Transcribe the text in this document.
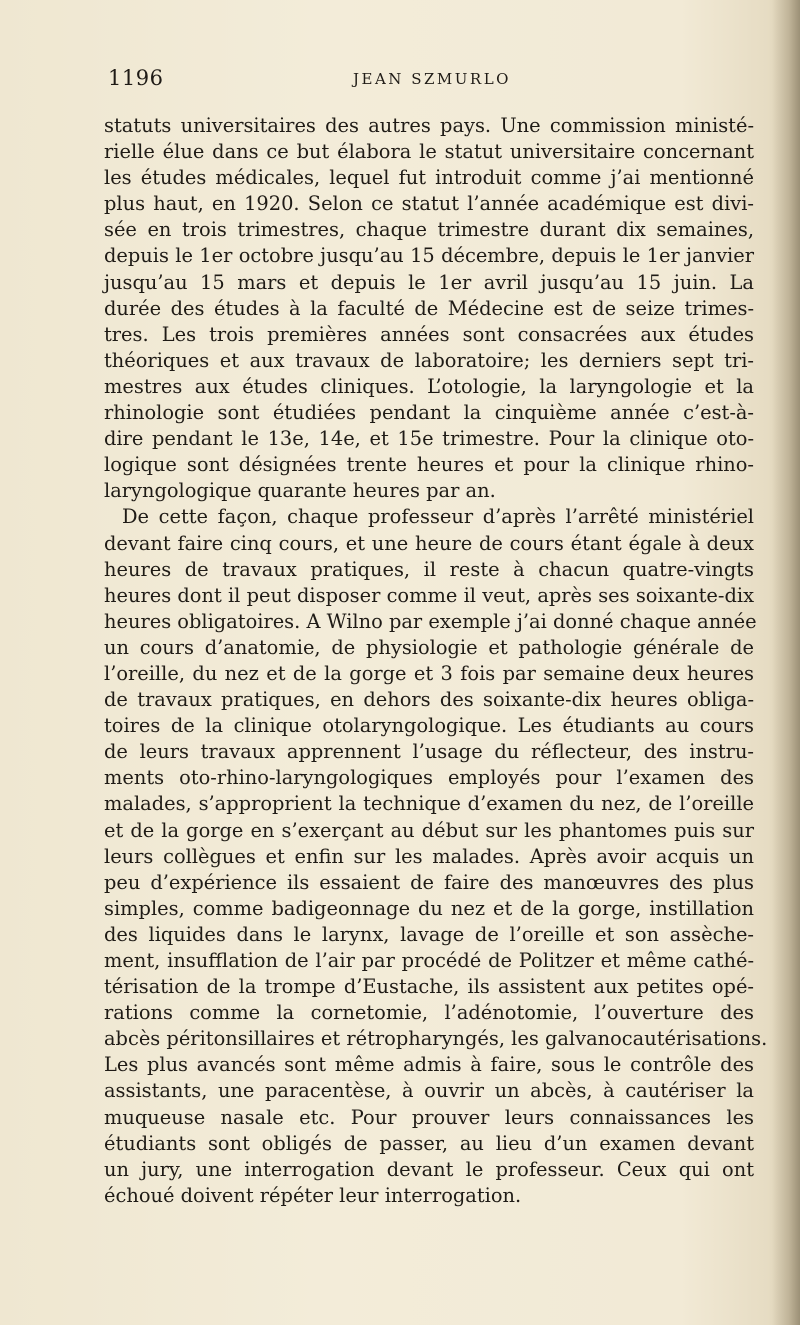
1196	JEAN SZMURLO
statuts universitaires des autres pays. Une commission ministé-
rielle élue dans ce but élabora le statut universitaire concernant
les études médicales, lequel fut introduit comme j’ai mentionné
plus haut, en 1920. Selon ce statut l’année académique est divi-
sée en trois trimestres, chaque trimestre durant dix semaines,
depuis le 1er octobre jusqu’au 15 décembre, depuis le 1er janvier
jusqu’au 15 mars et depuis le 1er avril jusqu’au 15 juin. La
durée des études à la faculté de Médecine est de seize trimes-
tres. Les trois premières années sont consacrées aux études
théoriques et aux travaux de laboratoire; les derniers sept tri-
mestres aux études cliniques. L’otologie, la laryngologie et la
rhinologie sont étudiées pendant la cinquième année c’est-à-
dire pendant le 13e, 14e, et 15e trimestre. Pour la clinique oto-
logique sont désignées trente heures et pour la clinique rhino-
laryngologique quarante heures par an.
De cette façon, chaque professeur d’après l’arrêté ministériel
devant faire cinq cours, et une heure de cours étant égale à deux
heures de travaux pratiques, il reste à chacun quatre-vingts
heures dont il peut disposer comme il veut, après ses soixante-dix
heures obligatoires. A Wilno par exemple j’ai donné chaque année
un cours d’anatomie, de physiologie et pathologie générale de
l’oreille, du nez et de la gorge et 3 fois par semaine deux heures
de travaux pratiques, en dehors des soixante-dix heures obliga-
toires de la clinique otolaryngologique. Les étudiants au cours
de leurs travaux apprennent l’usage du réflecteur, des instru-
ments oto-rhino-laryngologiques employés pour l’examen des
malades, s’approprient la technique d’examen du nez, de l’oreille
et de la gorge en s’exerçant au début sur les phantomes puis sur
leurs collègues et enfin sur les malades. Après avoir acquis un
peu d’expérience ils essaient de faire des manœuvres des plus
simples, comme badigeonnage du nez et de la gorge, instillation
des liquides dans le larynx, lavage de l’oreille et son assèche-
ment, insufflation de l’air par procédé de Politzer et même cathé-
térisation de la trompe d’Eustache, ils assistent aux petites opé-
rations comme la cornetomie, l’adénotomie, l’ouverture des
abcès péritonsillaires et rétropharyngés, les galvanocautérisations.
Les plus avancés sont même admis à faire, sous le contrôle des
assistants, une paracentèse, à ouvrir un abcès, à cautériser la
muqueuse nasale etc. Pour prouver leurs connaissances les
étudiants sont obligés de passer, au lieu d’un examen devant
un jury, une interrogation devant le professeur. Ceux qui ont
échoué doivent répéter leur interrogation.
